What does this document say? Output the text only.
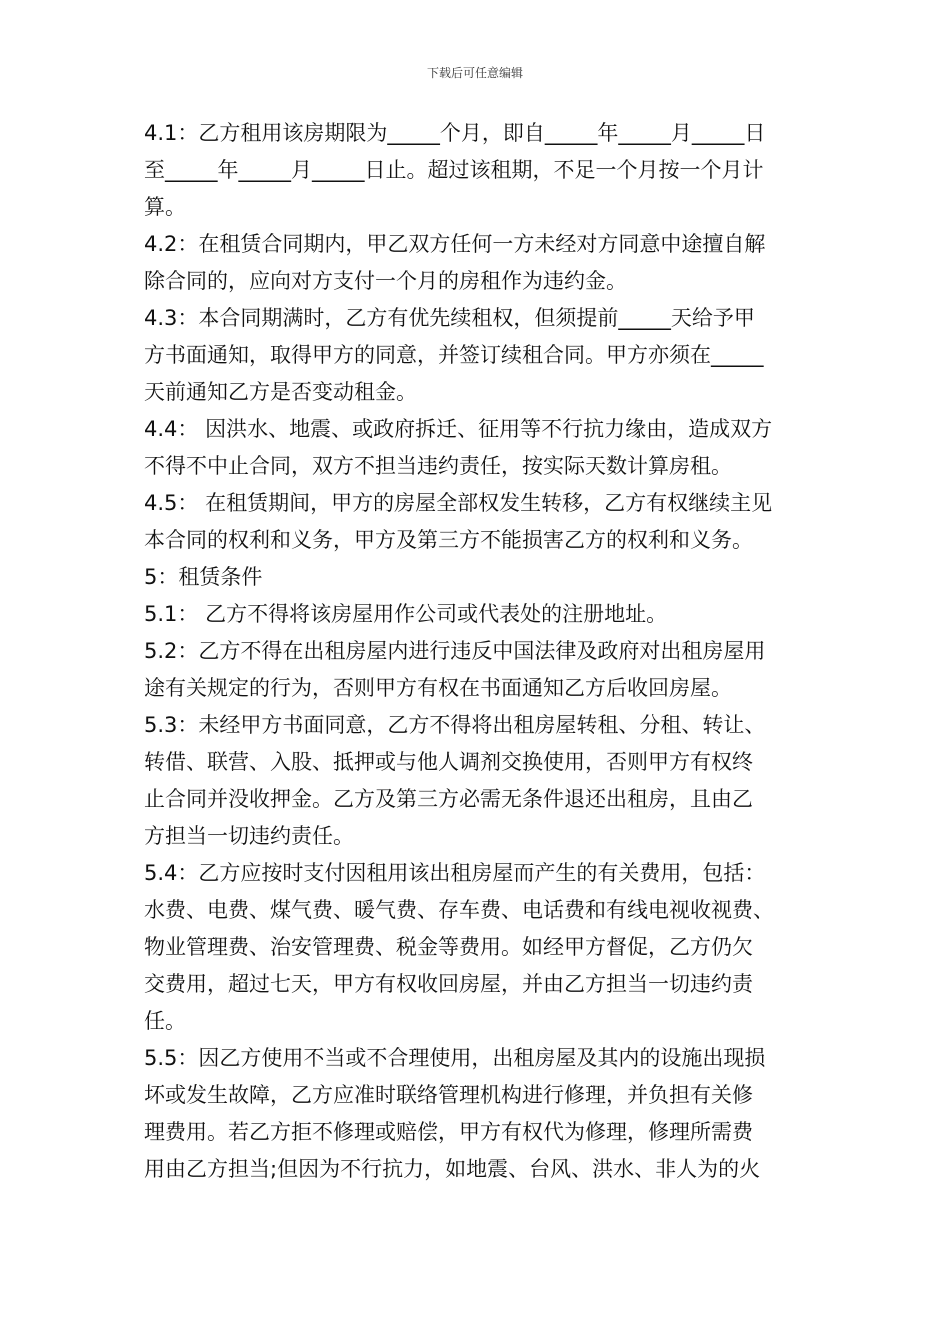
下载后可任意编辑
4.1：乙方租用该房期限为_____个月，即自_____年_____月_____日
至_____年_____月_____日止。超过该租期，不足一个月按一个月计
算。
4.2：在租赁合同期内，甲乙双方任何一方未经对方同意中途擅自解
除合同的，应向对方支付一个月的房租作为违约金。
4.3：本合同期满时，乙方有优先续租权，但须提前_____天给予甲
方书面通知，取得甲方的同意，并签订续租合同。甲方亦须在_____
天前通知乙方是否变动租金。
4.4： 因洪水、地震、或政府拆迁、征用等不行抗力缘由，造成双方
不得不中止合同，双方不担当违约责任，按实际天数计算房租。
4.5： 在租赁期间，甲方的房屋全部权发生转移，乙方有权继续主见
本合同的权利和义务，甲方及第三方不能损害乙方的权利和义务。
5：租赁条件
5.1： 乙方不得将该房屋用作公司或代表处的注册地址。
5.2：乙方不得在出租房屋内进行违反中国法律及政府对出租房屋用
途有关规定的行为，否则甲方有权在书面通知乙方后收回房屋。
5.3：未经甲方书面同意，乙方不得将出租房屋转租、分租、转让、
转借、联营、入股、抵押或与他人调剂交换使用，否则甲方有权终
止合同并没收押金。乙方及第三方必需无条件退还出租房，且由乙
方担当一切违约责任。
5.4：乙方应按时支付因租用该出租房屋而产生的有关费用，包括：
水费、电费、煤气费、暖气费、存车费、电话费和有线电视收视费、
物业管理费、治安管理费、税金等费用。如经甲方督促，乙方仍欠
交费用，超过七天，甲方有权收回房屋，并由乙方担当一切违约责
任。
5.5：因乙方使用不当或不合理使用，出租房屋及其内的设施出现损
坏或发生故障，乙方应准时联络管理机构进行修理，并负担有关修
理费用。若乙方拒不修理或赔偿，甲方有权代为修理，修理所需费
用由乙方担当;但因为不行抗力，如地震、台风、洪水、非人为的火
